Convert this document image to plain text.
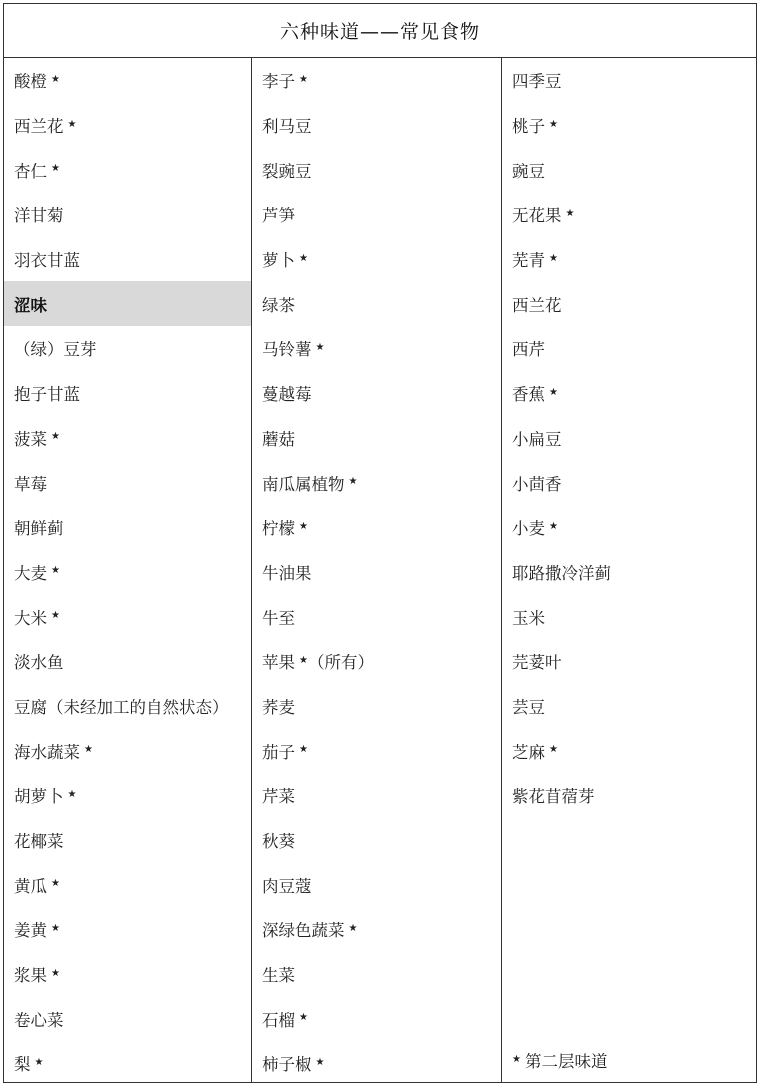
六种味道——常见食物
酸橙 ★
西兰花 ★
杏仁 ★
洋甘菊
羽衣甘蓝
涩味
（绿）豆芽
抱子甘蓝
菠菜 ★
草莓
朝鲜蓟
大麦 ★
大米 ★
淡水鱼
豆腐（未经加工的自然状态）
海水蔬菜 ★
胡萝卜 ★
花椰菜
黄瓜 ★
姜黄 ★
浆果 ★
卷心菜
梨 ★
李子 ★
利马豆
裂豌豆
芦笋
萝卜 ★
绿茶
马铃薯 ★
蔓越莓
蘑菇
南瓜属植物 ★
柠檬 ★
牛油果
牛至
苹果 ★ （所有）
荞麦
茄子 ★
芹菜
秋葵
肉豆蔻
深绿色蔬菜 ★
生菜
石榴 ★
柿子椒 ★
四季豆
桃子 ★
豌豆
无花果 ★
芜青 ★
西兰花
西芹
香蕉 ★
小扁豆
小茴香
小麦 ★
耶路撒冷洋蓟
玉米
芫荽叶
芸豆
芝麻 ★
紫花苜蓿芽
★ 第二层味道
